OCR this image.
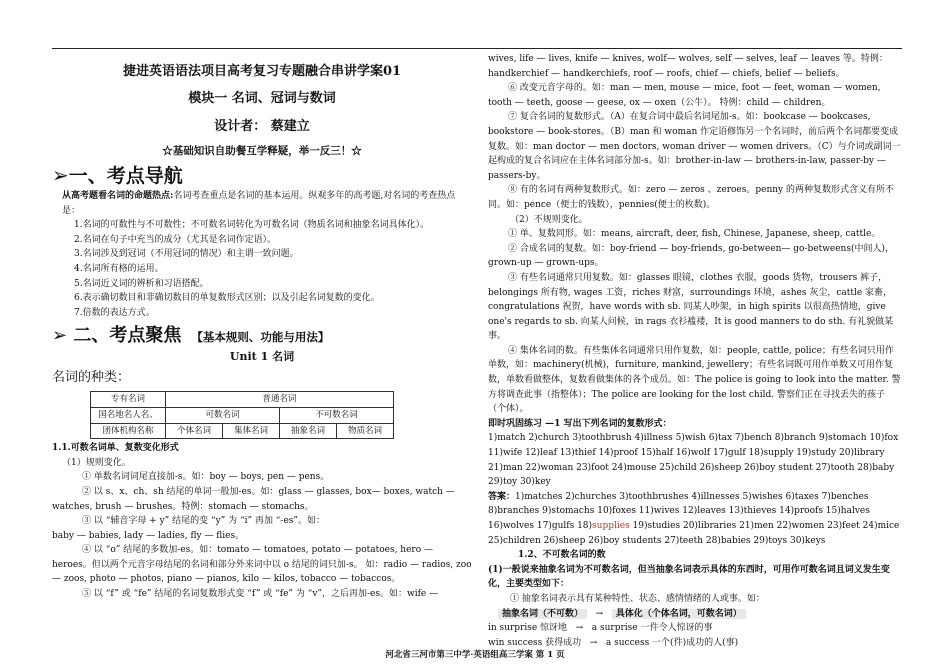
捷进英语语法项目高考复习专题融合串讲学案01
模块一 名词、冠词与数词
设计者： 蔡建立
☆基础知识自助餐互学释疑，举一反三！☆
➢一、考点导航

从高考题看名词的命题热点:名词考查重点是名词的基本运用。纵观多年的高考题,对名词的考查热点是：

1.名词的可数性与不可数性；不可数名词转化为可数名词（物质名词和抽象名词具体化）。

2.名词在句子中充当的成分（尤其是名词作定语）。

3.名词涉及到冠词（不用冠词的情况）和主谓一致问题。

4.名词所有格的运用。

5.名词近义词的辨析和习语搭配。

6.表示确切数目和非确切数目的单复数形式区别；以及引起名词复数的变化。

7.倍数的表达方式。

➢ 二、考点聚焦 【基本规则、功能与用法】
Unit 1 名词
名词的种类：
专有名词	普通名词			
国名地名人名、	可数名词		不可数名词	
团体机构名称	个体名词	集体名词	抽象名词	物质名词

1.1.可数名词单、复数变化形式

（1）规则变化。

① 单数名词词尾直接加-s。如：boy — boys, pen — pens。

② 以 s、x、ch、sh 结尾的单词一般加-es。如：glass — glasses, box— boxes, watch — watches, brush — brushes。特例：stomach — stomachs。

③ 以 “辅音字母 + y” 结尾的变 “y” 为 “i” 再加 “-es”。如：

baby — babies, lady — ladies, fly — flies。

④ 以 “o” 结尾的多数加-es。如：tomato — tomatoes, potato — potatoes, hero — heroes。但以两个元音字母结尾的名词和部分外来词中以 o 结尾的词只加-s。 如：radio — radios, zoo — zoos, photo — photos, piano — pianos, kilo — kilos, tobacco — tobaccos。

⑤ 以 “f” 或 “fe” 结尾的名词复数形式变 “f” 或 “fe” 为 “v”，之后再加-es。如：wife —

wives, life — lives, knife — knives, wolf— wolves, self — selves, leaf — leaves 等。特例：handkerchief — handkerchiefs, roof — roofs, chief — chiefs, belief — beliefs。

⑥ 改变元音字母的。如：man — men, mouse — mice, foot — feet, woman — women, tooth — teeth, goose — geese, ox — oxen（公牛）。 特例：child — children。

⑦ 复合名词的复数形式。（A）在复合词中最后名词尾加-s。如：bookcase — bookcases, bookstore — book-stores。（B）man 和 woman 作定语修饰另一个名词时，前后两个名词都要变成复数。如：man doctor — men doctors, woman driver — women drivers。（C）与介词或副词一起构成的复合名词应在主体名词部分加-s。如：brother-in-law — brothers-in-law, passer-by — passers-by。

⑧ 有的名词有两种复数形式。如：zero — zeros 、zeroes。penny 的两种复数形式含义有所不同。如：pence（便士的钱数），pennies(便士的枚数)。

（2）不规则变化。

① 单、复数同形。如：means, aircraft, deer, fish, Chinese, Japanese, sheep, cattle。

② 合成名词的复数。如：boy-friend — boy-friends, go-between— go-betweens(中间人)，grown-up — grown-ups。

③ 有些名词通常只用复数。如：glasses 眼镜，clothes 衣服，goods 货物，trousers 裤子，belongings 所有物, wages 工资，riches 财富，surroundings 环境，ashes 灰尘，cattle 家畜，congratulations 祝贺，have words with sb. 同某人吵架，in high spirits 以很高热情地，give one's regards to sb. 向某人问候，in rags 衣衫褴褛，It is good manners to do sth. 有礼貌做某事。

④ 集体名词的数。有些集体名词通常只用作复数，如：people, cattle, police；有些名词只用作单数，如：machinery(机械)，furniture, mankind, jewellery；有些名词既可用作单数又可用作复数，单数看做整体，复数看做集体的各个成员。如：The police is going to look into the matter. 警方将调查此事（指整体）；The police are looking for the lost child. 警察们正在寻找丢失的孩子（个体）。

即时巩固练习 —1 写出下列名词的复数形式：

1)match 2)church 3)toothbrush 4)illness 5)wish 6)tax 7)bench 8)branch 9)stomach 10)fox 11)wife 12)leaf 13)thief 14)proof 15)half 16)wolf 17)gulf 18)supply 19)study 20)library 21)man 22)woman 23)foot 24)mouse 25)child 26)sheep 26)boy student 27)tooth 28)baby 29)toy 30)key

答案：1)matches 2)churches 3)toothbrushes 4)illnesses 5)wishes 6)taxes 7)benches 8)branches 9)stomachs 10)foxes 11)wives 12)leaves 13)thieves 14)proofs 15)halves 16)wolves 17)gulfs 18)supplies 19)studies 20)libraries 21)men 22)women 23)feet 24)mice 25)children 26)sheep 26)boy students 27)teeth 28)babies 29)toys 30)keys

1.2、不可数名词的数

(1)一般说来抽象名词为不可数名词，但当抽象名词表示具体的东西时，可用作可数名词且词义发生变化，主要类型如下：

① 抽象名词表示具有某种特性、状态、感情情绪的人或事。如：

抽象名词（不可数） → 具体化（个体名词，可数名词）

in surprise 惊讶地 → a surprise 一件令人惊讶的事

win success 获得成功 → a success 一个(件)成功的人(事)

河北省三河市第三中学·英语组高三学案 第 1 页
